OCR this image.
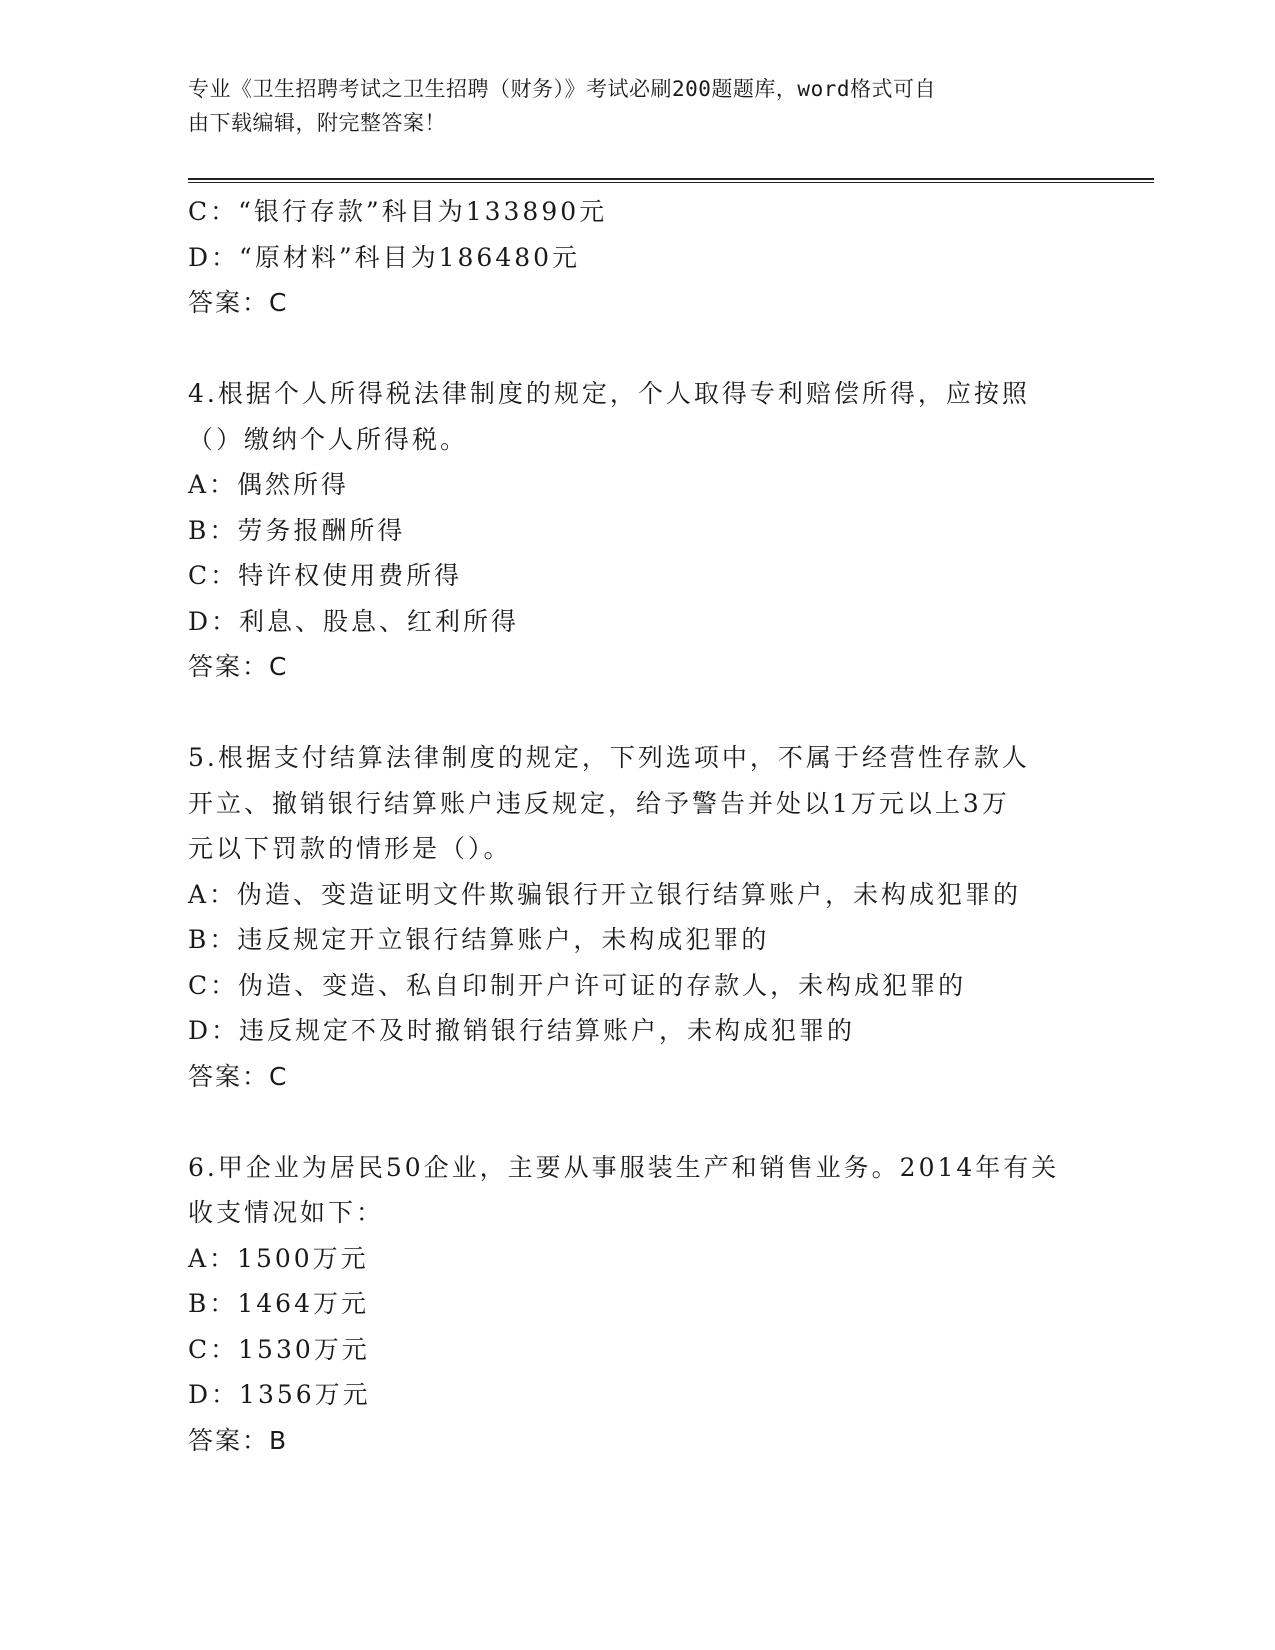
专业《卫生招聘考试之卫生招聘（财务）》考试必刷200题题库，word格式可自
由下载编辑，附完整答案！
C：“银行存款”科目为133890元
D：“原材料”科目为186480元
答案：C
4.根据个人所得税法律制度的规定，个人取得专利赔偿所得，应按照
（）缴纳个人所得税。
A：偶然所得
B：劳务报酬所得
C：特许权使用费所得
D：利息、股息、红利所得
答案：C
5.根据支付结算法律制度的规定，下列选项中，不属于经营性存款人
开立、撤销银行结算账户违反规定，给予警告并处以1万元以上3万
元以下罚款的情形是（）。
A：伪造、变造证明文件欺骗银行开立银行结算账户，未构成犯罪的
B：违反规定开立银行结算账户，未构成犯罪的
C：伪造、变造、私自印制开户许可证的存款人，未构成犯罪的
D：违反规定不及时撤销银行结算账户，未构成犯罪的
答案：C
6.甲企业为居民50企业，主要从事服装生产和销售业务。2014年有关
收支情况如下：
A：1500万元
B：1464万元
C：1530万元
D：1356万元
答案：B
